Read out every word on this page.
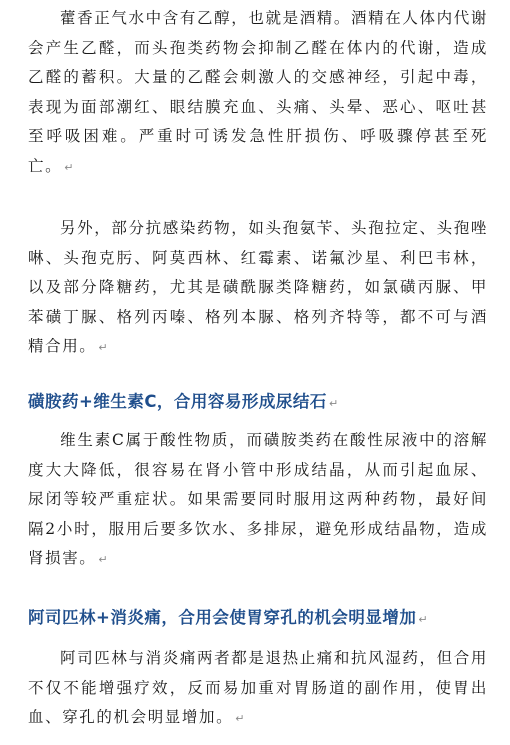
藿香正气水中含有乙醇，也就是酒精。酒精在人体内代谢会产生乙醛，而头孢类药物会抑制乙醛在体内的代谢，造成乙醛的蓄积。大量的乙醛会刺激人的交感神经，引起中毒，表现为面部潮红、眼结膜充血、头痛、头晕、恶心、呕吐甚至呼吸困难。严重时可诱发急性肝损伤、呼吸骤停甚至死亡。 ↵

另外，部分抗感染药物，如头孢氨苄、头孢拉定、头孢唑啉、头孢克肟、阿莫西林、红霉素、诺氟沙星、利巴韦林，以及部分降糖药，尤其是磺酰脲类降糖药，如氯磺丙脲、甲苯磺丁脲、格列丙嗪、格列本脲、格列齐特等，都不可与酒精合用。 ↵

磺胺药+维生素C，合用容易形成尿结石 ↵

维生素C属于酸性物质，而磺胺类药在酸性尿液中的溶解度大大降低，很容易在肾小管中形成结晶，从而引起血尿、尿闭等较严重症状。如果需要同时服用这两种药物，最好间隔2小时，服用后要多饮水、多排尿，避免形成结晶物，造成肾损害。 ↵

阿司匹林+消炎痛，合用会使胃穿孔的机会明显增加 ↵

阿司匹林与消炎痛两者都是退热止痛和抗风湿药，但合用不仅不能增强疗效，反而易加重对胃肠道的副作用，使胃出血、穿孔的机会明显增加。 ↵
